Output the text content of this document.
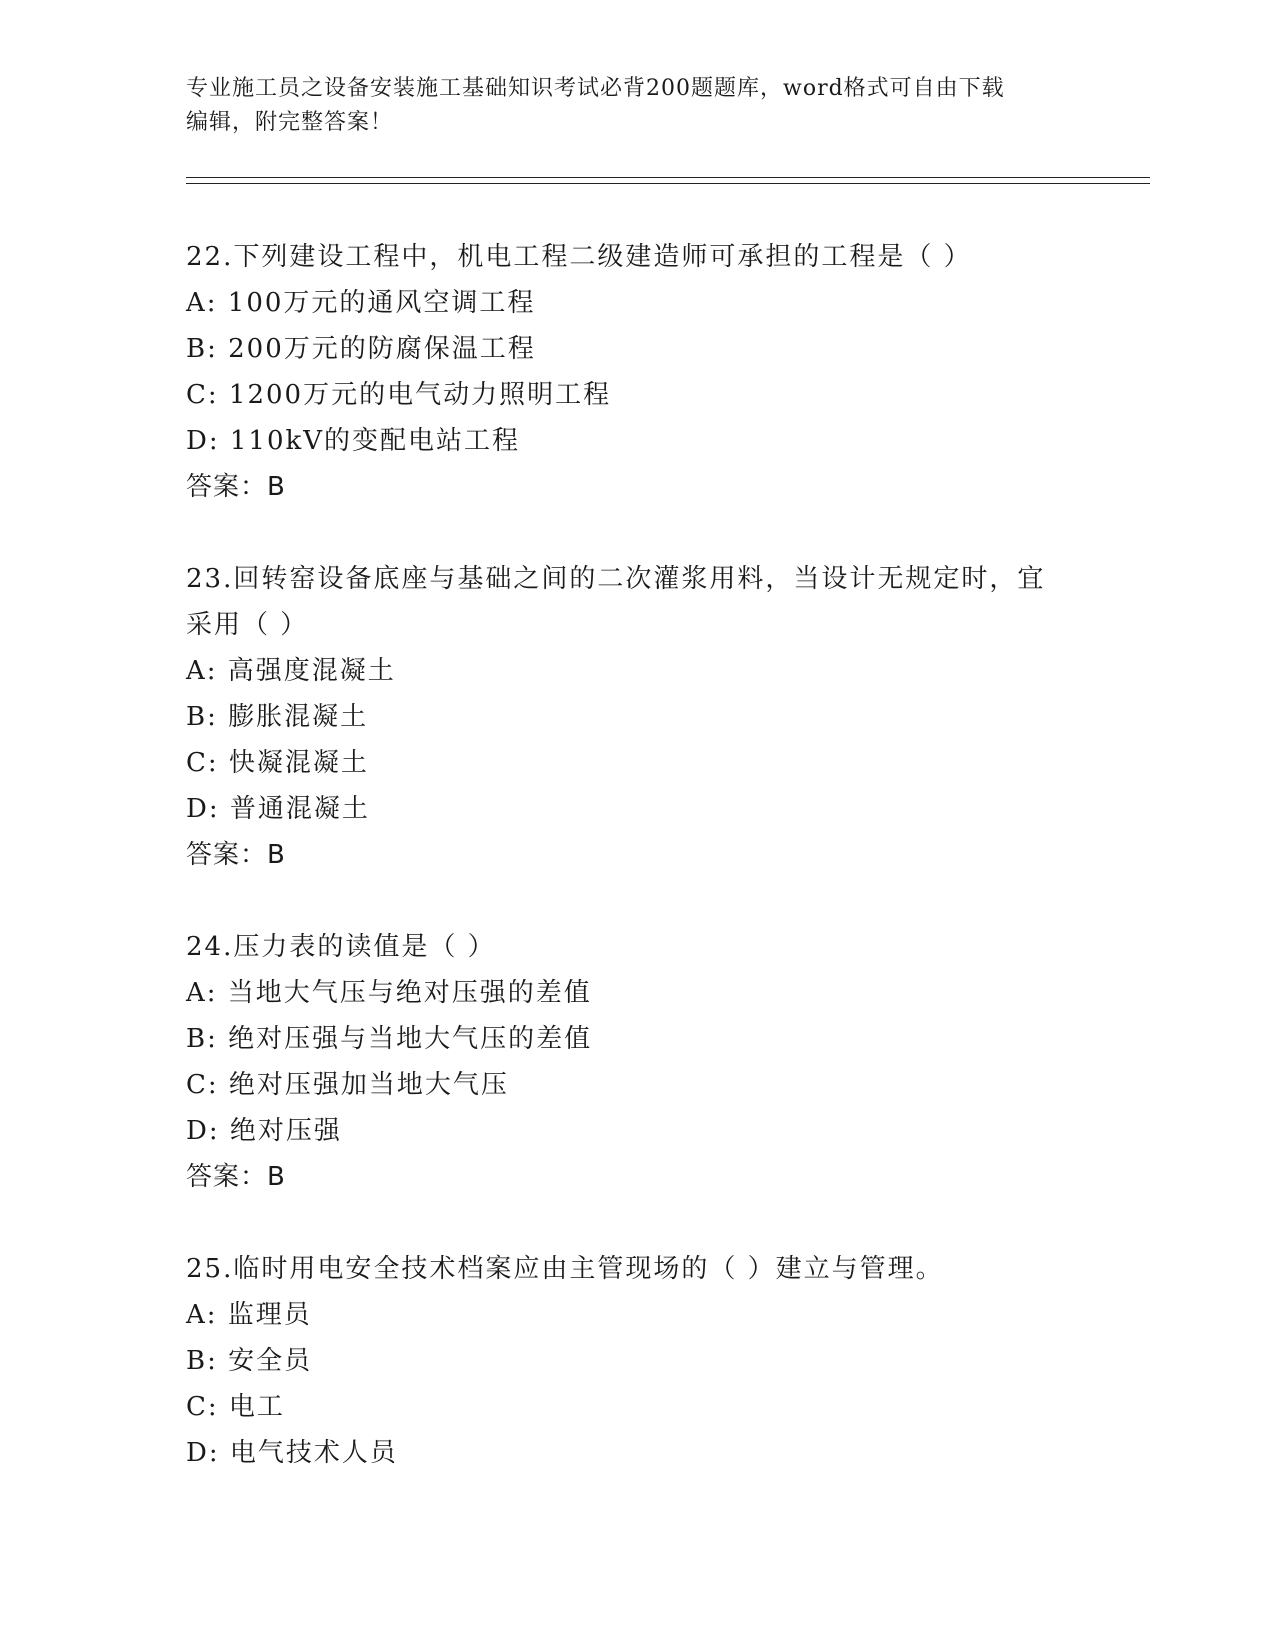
专业施工员之设备安装施工基础知识考试必背200题题库，word格式可自由下载
编辑，附完整答案！
22.下列建设工程中，机电工程二级建造师可承担的工程是（ ）
A: 100万元的通风空调工程
B: 200万元的防腐保温工程
C: 1200万元的电气动力照明工程
D: 110kV的变配电站工程
答案：B
23.回转窑设备底座与基础之间的二次灌浆用料，当设计无规定时，宜
采用（ ）
A: 高强度混凝土
B: 膨胀混凝土
C: 快凝混凝土
D: 普通混凝土
答案：B
24.压力表的读值是（ ）
A: 当地大气压与绝对压强的差值
B: 绝对压强与当地大气压的差值
C: 绝对压强加当地大气压
D: 绝对压强
答案：B
25.临时用电安全技术档案应由主管现场的（ ）建立与管理。
A: 监理员
B: 安全员
C: 电工
D: 电气技术人员
